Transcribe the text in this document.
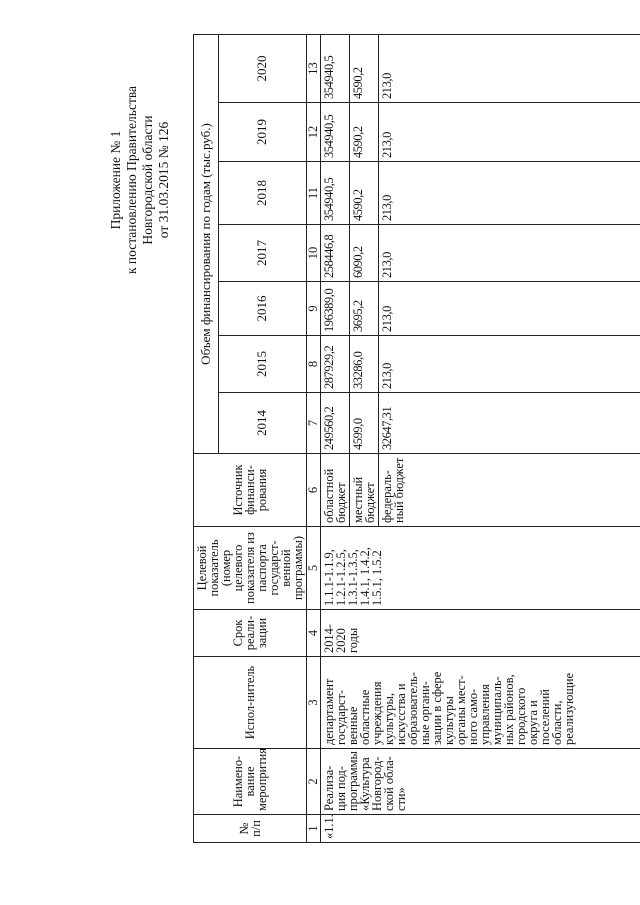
Приложение № 1 к постановлению Правительства Новгородской области от 31.03.2015 № 126
№ п/п	Наимено-вание меропрития	Испол-нитель	Срок реали-зации	Целевой показатель (номер целевого показателя из паспорта государст-венной программы)	Источник финанси-рования	Объем финансирования по годам (тыс.руб.)						
						2014	2015	2016	2017	2018	2019	2020
1	2	3	4	5	6	7	8	9	10	11	12	13
«1.1.	Реализа-ция под-программы «Культура Новгород-ской обла-сти»	департамент государст-венные областные учреждения культуры, искусства и образователь-ные органи-зации в сфере культуры органы мест-ного само-управления муниципаль-ных районов, городского округа и поселений области, реализующие	2014-2020 годы	1.1.1-1.1.9, 1.2.1-1.2.5, 1.3.1-1.3.5, 1.4.1, 1.4.2, 1.5.1, 1.5.2	областной бюджет	249560,2	287929,2	196389,0	258446,8	354940,5	354940,5	354940,5
					местный бюджет	4599,0	33286,0	3695,2	6090,2	4590,2	4590,2	4590,2
					федераль-ный бюджет	32647,31	213,0	213,0	213,0	213,0	213,0	213,0
